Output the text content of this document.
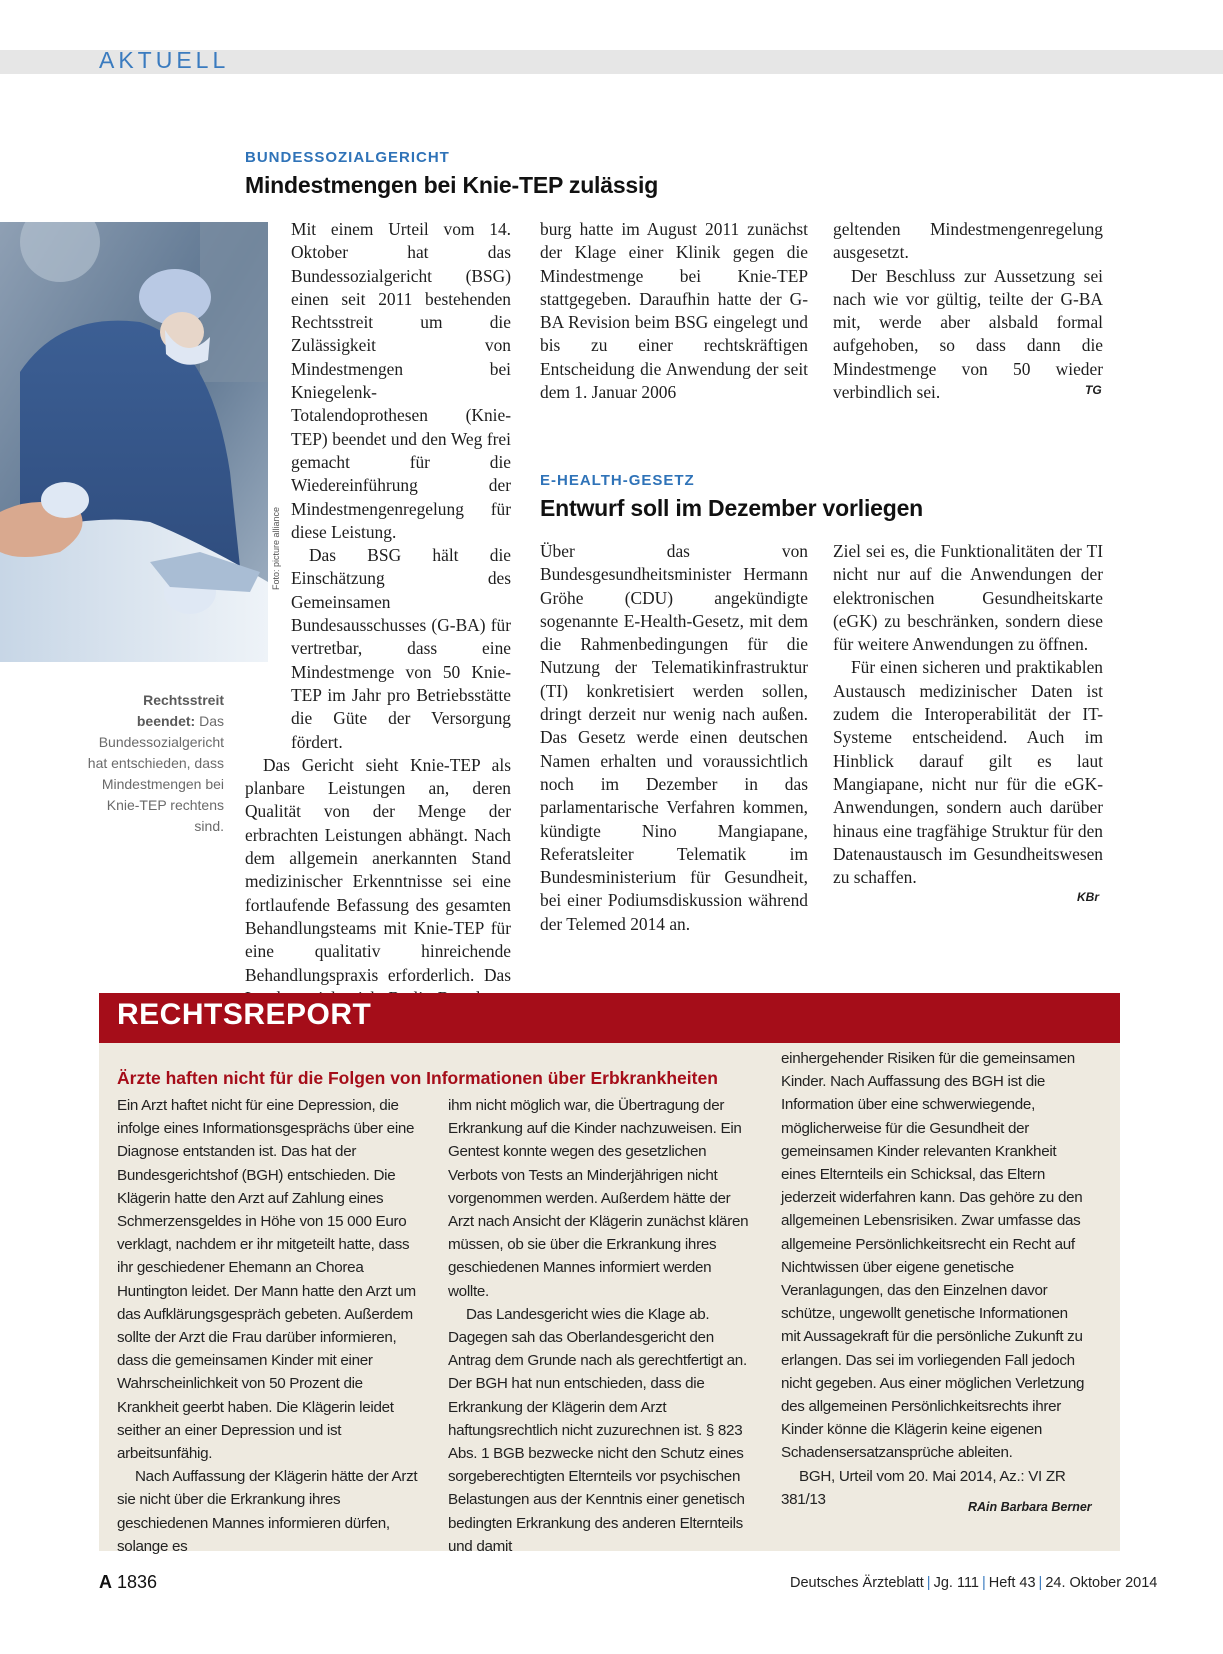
AKTUELL
BUNDESSOZIALGERICHT
Mindestmengen bei Knie-TEP zulässig
Foto: picture alliance
Rechtsstreit beendet: Das Bundessozialgericht hat entschieden, dass Mindestmengen bei Knie-TEP rechtens sind.

Mit einem Urteil vom 14. Oktober hat das Bundessozialgericht (BSG) einen seit 2011 bestehenden Rechtsstreit um die Zulässigkeit von Mindestmengen bei Kniegelenk-Totalendoprothesen (Knie-TEP) beendet und den Weg frei gemacht für die Wiedereinführung der Mindestmengenregelung für diese Leistung.

Das BSG hält die Einschätzung des Gemeinsamen Bundesausschusses (G-BA) für vertretbar, dass eine Mindestmenge von 50 Knie-TEP im Jahr pro Betriebsstätte die Güte der Versorgung fördert.

Das Gericht sieht Knie-TEP als planbare Leistungen an, deren Qualität von der Menge der erbrachten Leistungen abhängt. Nach dem allgemein anerkannten Stand medizinischer Erkenntnisse sei eine fortlaufende Befassung des gesamten Behandlungsteams mit Knie-TEP für eine qualitativ hinreichende Behandlungspraxis erforderlich. Das

burg hatte im August 2011 zunächst der Klage einer Klinik gegen die Mindestmenge bei Knie-TEP stattgegeben. Daraufhin hatte der G-BA Revision beim BSG eingelegt und bis zu einer rechtskräftigen Entscheidung die Anwendung der seit dem 1. Januar 2006

geltenden Mindestmengenregelung ausgesetzt.

Der Beschluss zur Aussetzung sei nach wie vor gültig, teilte der G-BA mit, werde aber alsbald formal aufgehoben, so dass dann die Mindestmenge von 50 wieder verbindlich sei.	TG
E-HEALTH-GESETZ
Entwurf soll im Dezember vorliegen

Über das von Bundesgesundheitsminister Hermann Gröhe (CDU) angekündigte sogenannte E-Health-Gesetz, mit dem die Rahmenbedingungen für die Nutzung der Telematikinfrastruktur (TI) konkretisiert werden sollen, dringt derzeit nur wenig nach außen. Das Gesetz werde einen deutschen Namen erhalten und voraussichtlich noch im Dezember in das parlamentarische Verfahren kommen, kündigte Nino Mangiapane, Referatsleiter Telematik im Bundesministerium für Gesundheit, bei einer Podiumsdiskussion während der Telemed 2014 an.

Ziel sei es, die Funktionalitäten der TI nicht nur auf die Anwendungen der elektronischen Gesundheitskarte (eGK) zu beschränken, sondern diese für weitere Anwendungen zu öffnen.

Für einen sicheren und praktikablen Austausch medizinischer Daten ist zudem die Interoperabilität der IT-Systeme entscheidend. Auch im Hinblick darauf gilt es laut Mangiapane, nicht nur für die eGK-Anwendungen, sondern auch darüber hinaus eine tragfähige Struktur für den Datenaustausch im Gesundheitswesen zu schaffen.

KBr
RECHTSREPORT
Ärzte haften nicht für die Folgen von Informationen über Erbkrankheiten

Ein Arzt haftet nicht für eine Depression, die infolge eines Informationsgesprächs über eine Diagnose entstanden ist. Das hat der Bundesgerichtshof (BGH) entschieden. Die Klägerin hatte den Arzt auf Zahlung eines Schmerzensgeldes in Höhe von 15 000 Euro verklagt, nachdem er ihr mitgeteilt hatte, dass ihr geschiedener Ehemann an Chorea Huntington leidet. Der Mann hatte den Arzt um das Aufklärungsgespräch gebeten. Außerdem sollte der Arzt die Frau darüber informieren, dass die gemeinsamen Kinder mit einer Wahrscheinlichkeit von 50 Prozent die Krankheit geerbt haben. Die Klägerin leidet seither an einer Depression und ist arbeitsunfähig.

Nach Auffassung der Klägerin hätte der Arzt sie nicht über die Erkrankung ihres geschiedenen Mannes informieren dürfen, solange es

ihm nicht möglich war, die Übertragung der Erkrankung auf die Kinder nachzuweisen. Ein Gentest konnte wegen des gesetzlichen Verbots von Tests an Minderjährigen nicht vorgenommen werden. Außerdem hätte der Arzt nach Ansicht der Klägerin zunächst klären müssen, ob sie über die Erkrankung ihres geschiedenen Mannes informiert werden wollte.

Das Landesgericht wies die Klage ab. Dagegen sah das Oberlandesgericht den Antrag dem Grunde nach als gerechtfertigt an. Der BGH hat nun entschieden, dass die Erkrankung der Klägerin dem Arzt haftungsrechtlich nicht zuzurechnen ist. § 823 Abs. 1 BGB bezwecke nicht den Schutz eines sorgeberechtigten Elternteils vor psychischen Belastungen aus der Kenntnis einer genetisch bedingten Erkrankung des anderen Elternteils und damit

einhergehender Risiken für die gemeinsamen Kinder. Nach Auffassung des BGH ist die Information über eine schwerwiegende, möglicherweise für die Gesundheit der gemeinsamen Kinder relevanten Krankheit eines Elternteils ein Schicksal, das Eltern jederzeit widerfahren kann. Das gehöre zu den allgemeinen Lebensrisiken. Zwar umfasse das allgemeine Persönlichkeitsrecht ein Recht auf Nichtwissen über eigene genetische Veranlagungen, das den Einzelnen davor schütze, ungewollt genetische Informationen mit Aussagekraft für die persönliche Zukunft zu erlangen. Das sei im vorliegenden Fall jedoch nicht gegeben. Aus einer möglichen Verletzung des allgemeinen Persönlichkeitsrechts ihrer Kinder könne die Klägerin keine eigenen Schadensersatzansprüche ableiten.

BGH, Urteil vom 20. Mai 2014, Az.: VI ZR 381/13	RAin Barbara Berner
A 1836	Deutsches Ärzteblatt | Jg. 111 | Heft 43 | 24. Oktober 2014
